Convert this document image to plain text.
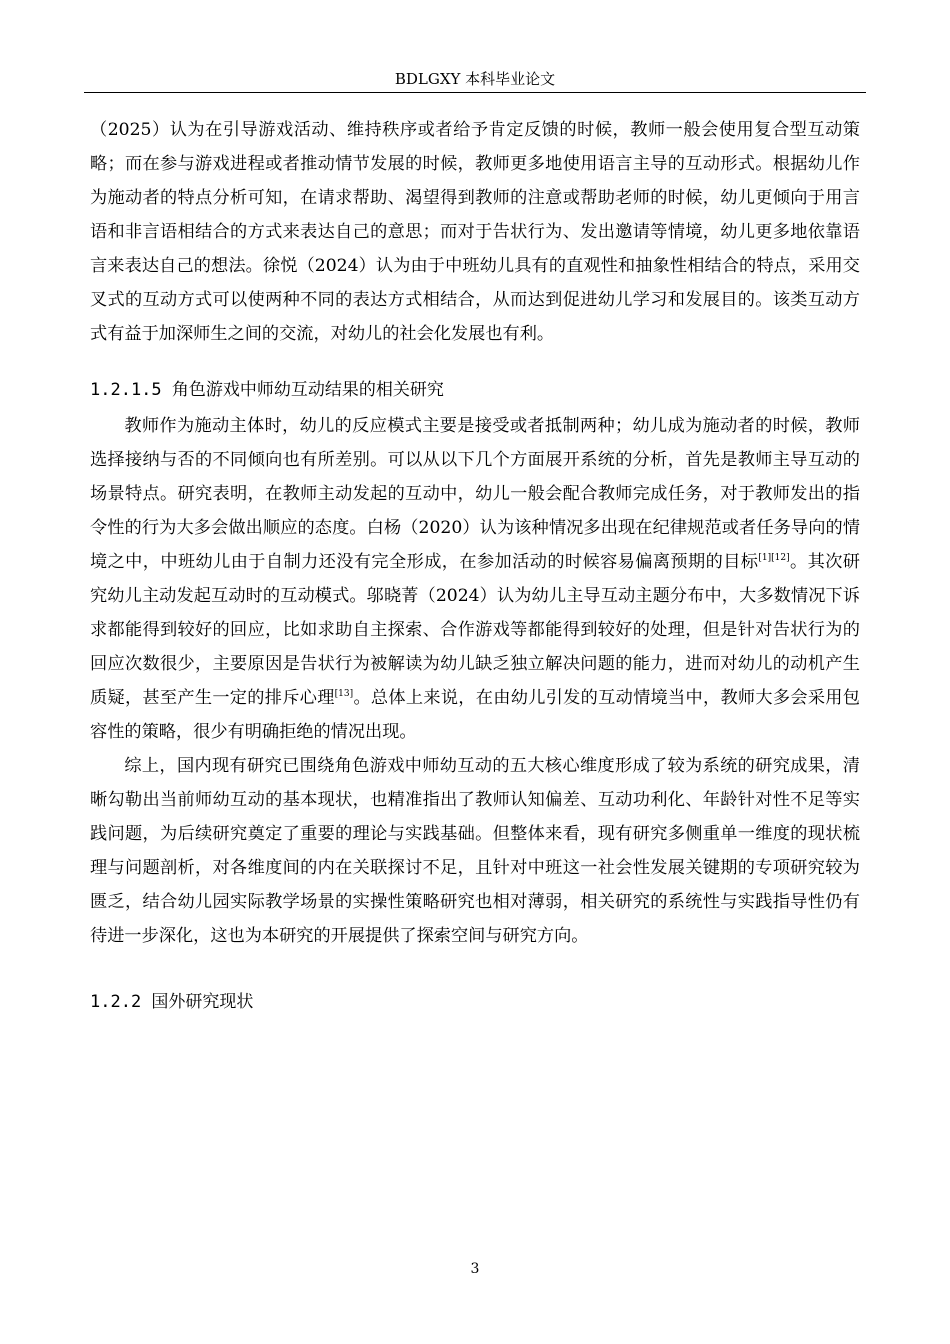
BDLGXY 本科毕业论文

（2025）认为在引导游戏活动、维持秩序或者给予肯定反馈的时候，教师一般会使用复合型互动策略；而在参与游戏进程或者推动情节发展的时候，教师更多地使用语言主导的互动形式。根据幼儿作为施动者的特点分析可知，在请求帮助、渴望得到教师的注意或帮助老师的时候，幼儿更倾向于用言语和非言语相结合的方式来表达自己的意思；而对于告状行为、发出邀请等情境，幼儿更多地依靠语言来表达自己的想法。徐悦（2024）认为由于中班幼儿具有的直观性和抽象性相结合的特点，采用交叉式的互动方式可以使两种不同的表达方式相结合，从而达到促进幼儿学习和发展目的。该类互动方式有益于加深师生之间的交流，对幼儿的社会化发展也有利。

1.2.1.5 角色游戏中师幼互动结果的相关研究

教师作为施动主体时，幼儿的反应模式主要是接受或者抵制两种；幼儿成为施动者的时候，教师选择接纳与否的不同倾向也有所差别。可以从以下几个方面展开系统的分析，首先是教师主导互动的场景特点。研究表明，在教师主动发起的互动中，幼儿一般会配合教师完成任务，对于教师发出的指令性的行为大多会做出顺应的态度。白杨（2020）认为该种情况多出现在纪律规范或者任务导向的情境之中，中班幼儿由于自制力还没有完全形成，在参加活动的时候容易偏离预期的目标[1][12]。其次研究幼儿主动发起互动时的互动模式。邬晓菁（2024）认为幼儿主导互动主题分布中，大多数情况下诉求都能得到较好的回应，比如求助自主探索、合作游戏等都能得到较好的处理，但是针对告状行为的回应次数很少，主要原因是告状行为被解读为幼儿缺乏独立解决问题的能力，进而对幼儿的动机产生质疑，甚至产生一定的排斥心理[13]。总体上来说，在由幼儿引发的互动情境当中，教师大多会采用包容性的策略，很少有明确拒绝的情况出现。

综上，国内现有研究已围绕角色游戏中师幼互动的五大核心维度形成了较为系统的研究成果，清晰勾勒出当前师幼互动的基本现状，也精准指出了教师认知偏差、互动功利化、年龄针对性不足等实践问题，为后续研究奠定了重要的理论与实践基础。但整体来看，现有研究多侧重单一维度的现状梳理与问题剖析，对各维度间的内在关联探讨不足，且针对中班这一社会性发展关键期的专项研究较为匮乏，结合幼儿园实际教学场景的实操性策略研究也相对薄弱，相关研究的系统性与实践指导性仍有待进一步深化，这也为本研究的开展提供了探索空间与研究方向。

1.2.2 国外研究现状
3
